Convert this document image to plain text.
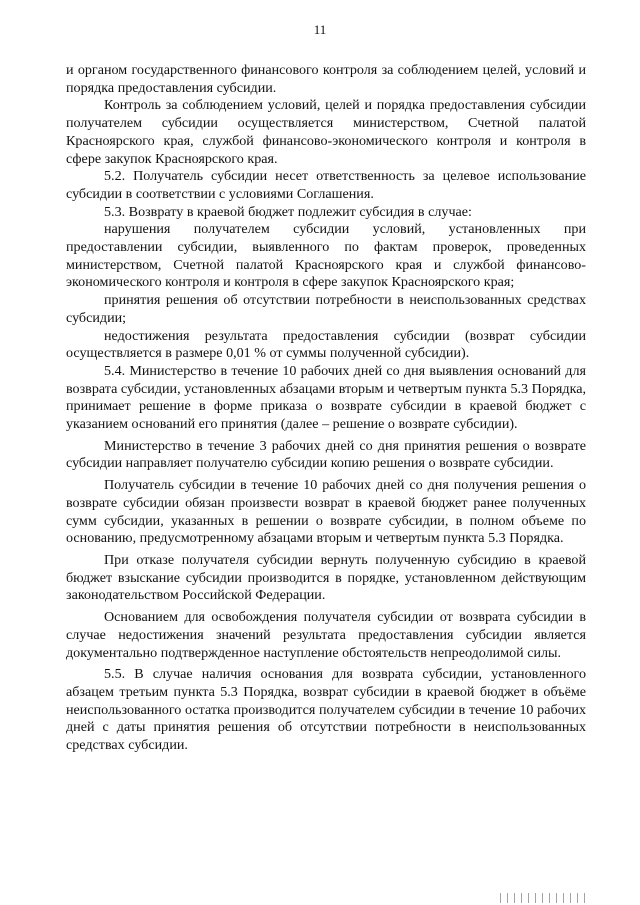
11

и органом государственного финансового контроля за соблюдением целей, условий и порядка предоставления субсидии.

Контроль за соблюдением условий, целей и порядка предоставления субсидии получателем субсидии осуществляется министерством, Счетной палатой Красноярского края, службой финансово-экономического контроля и контроля в сфере закупок Красноярского края.

5.2. Получатель субсидии несет ответственность за целевое использование субсидии в соответствии с условиями Соглашения.

5.3. Возврату в краевой бюджет подлежит субсидия в случае:

нарушения получателем субсидии условий, установленных при предоставлении субсидии, выявленного по фактам проверок, проведенных министерством, Счетной палатой Красноярского края и службой финансово-экономического контроля и контроля в сфере закупок Красноярского края;

принятия решения об отсутствии потребности в неиспользованных средствах субсидии;

недостижения результата предоставления субсидии (возврат субсидии осуществляется в размере 0,01 % от суммы полученной субсидии).

5.4. Министерство в течение 10 рабочих дней со дня выявления оснований для возврата субсидии, установленных абзацами вторым и четвертым пункта 5.3 Порядка, принимает решение в форме приказа о возврате субсидии в краевой бюджет с указанием оснований его принятия (далее – решение о возврате субсидии).

Министерство в течение 3 рабочих дней со дня принятия решения о возврате субсидии направляет получателю субсидии копию решения о возврате субсидии.

Получатель субсидии в течение 10 рабочих дней со дня получения решения о возврате субсидии обязан произвести возврат в краевой бюджет ранее полученных сумм субсидии, указанных в решении о возврате субсидии, в полном объеме по основанию, предусмотренному абзацами вторым и четвертым пункта 5.3 Порядка.

При отказе получателя субсидии вернуть полученную субсидию в краевой бюджет взыскание субсидии производится в порядке, установленном действующим законодательством Российской Федерации.

Основанием для освобождения получателя субсидии от возврата субсидии в случае недостижения значений результата предоставления субсидии является документально подтвержденное наступление обстоятельств непреодолимой силы.

5.5. В случае наличия основания для возврата субсидии, установленного абзацем третьим пункта 5.3 Порядка, возврат субсидии в краевой бюджет в объёме неиспользованного остатка производится получателем субсидии в течение 10 рабочих дней с даты принятия решения об отсутствии потребности в неиспользованных средствах субсидии.
